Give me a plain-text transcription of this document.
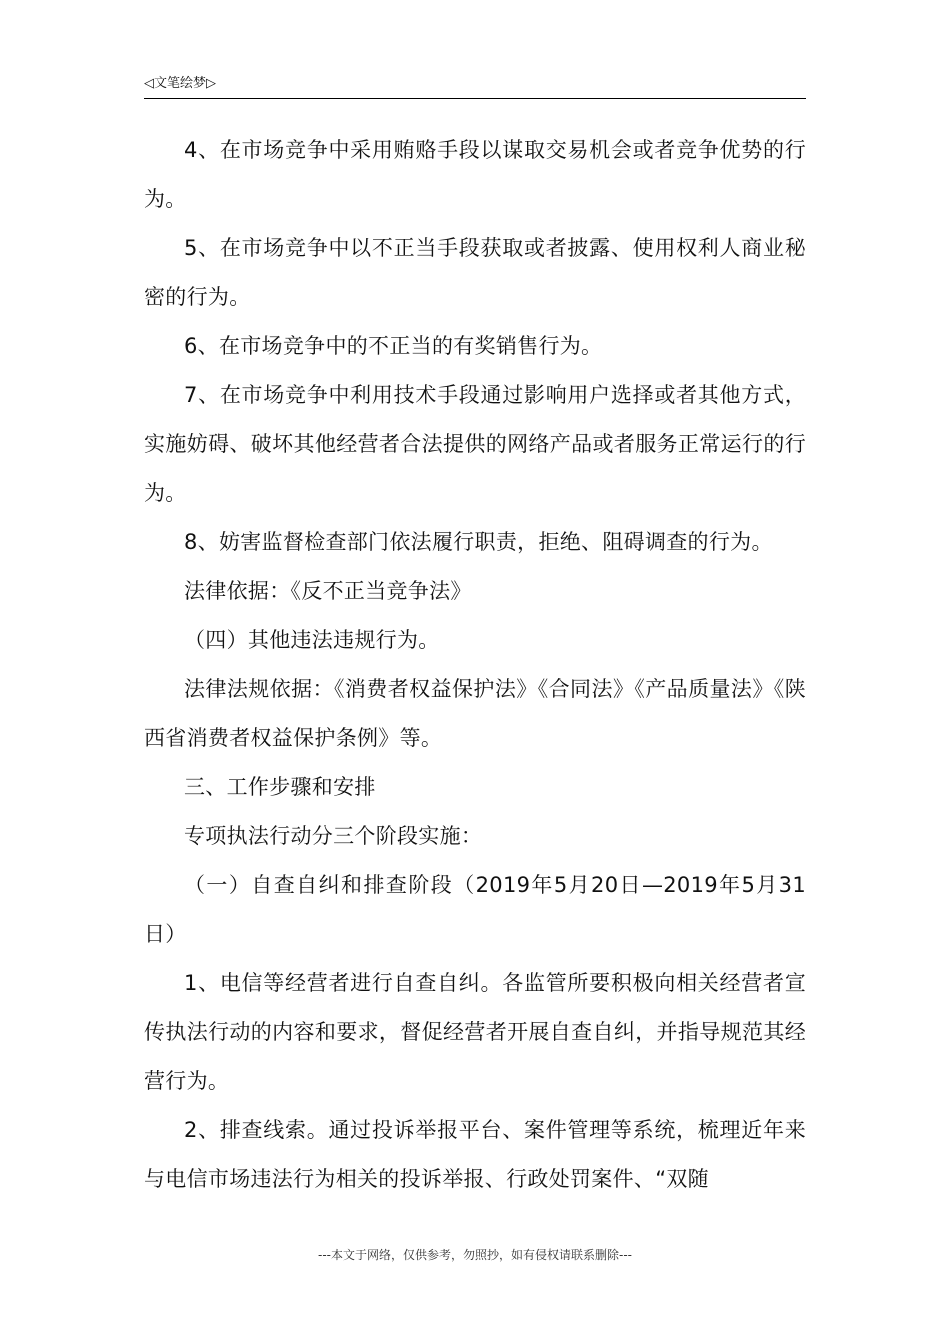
◁文笔绘梦▷

4、在市场竞争中采用贿赂手段以谋取交易机会或者竞争优势的行为。

5、在市场竞争中以不正当手段获取或者披露、使用权利人商业秘密的行为。

6、在市场竞争中的不正当的有奖销售行为。

7、在市场竞争中利用技术手段通过影响用户选择或者其他方式，实施妨碍、破坏其他经营者合法提供的网络产品或者服务正常运行的行为。

8、妨害监督检查部门依法履行职责，拒绝、阻碍调查的行为。

法律依据：《反不正当竞争法》

（四）其他违法违规行为。

法律法规依据：《消费者权益保护法》《合同法》《产品质量法》《陕西省消费者权益保护条例》等。

三、工作步骤和安排

专项执法行动分三个阶段实施：

（一）自查自纠和排查阶段（2019年5月20日—2019年5月31日）

1、电信等经营者进行自查自纠。各监管所要积极向相关经营者宣传执法行动的内容和要求，督促经营者开展自查自纠，并指导规范其经营行为。

2、排查线索。通过投诉举报平台、案件管理等系统，梳理近年来与电信市场违法行为相关的投诉举报、行政处罚案件、“双随

---本文于网络，仅供参考，勿照抄，如有侵权请联系删除---
